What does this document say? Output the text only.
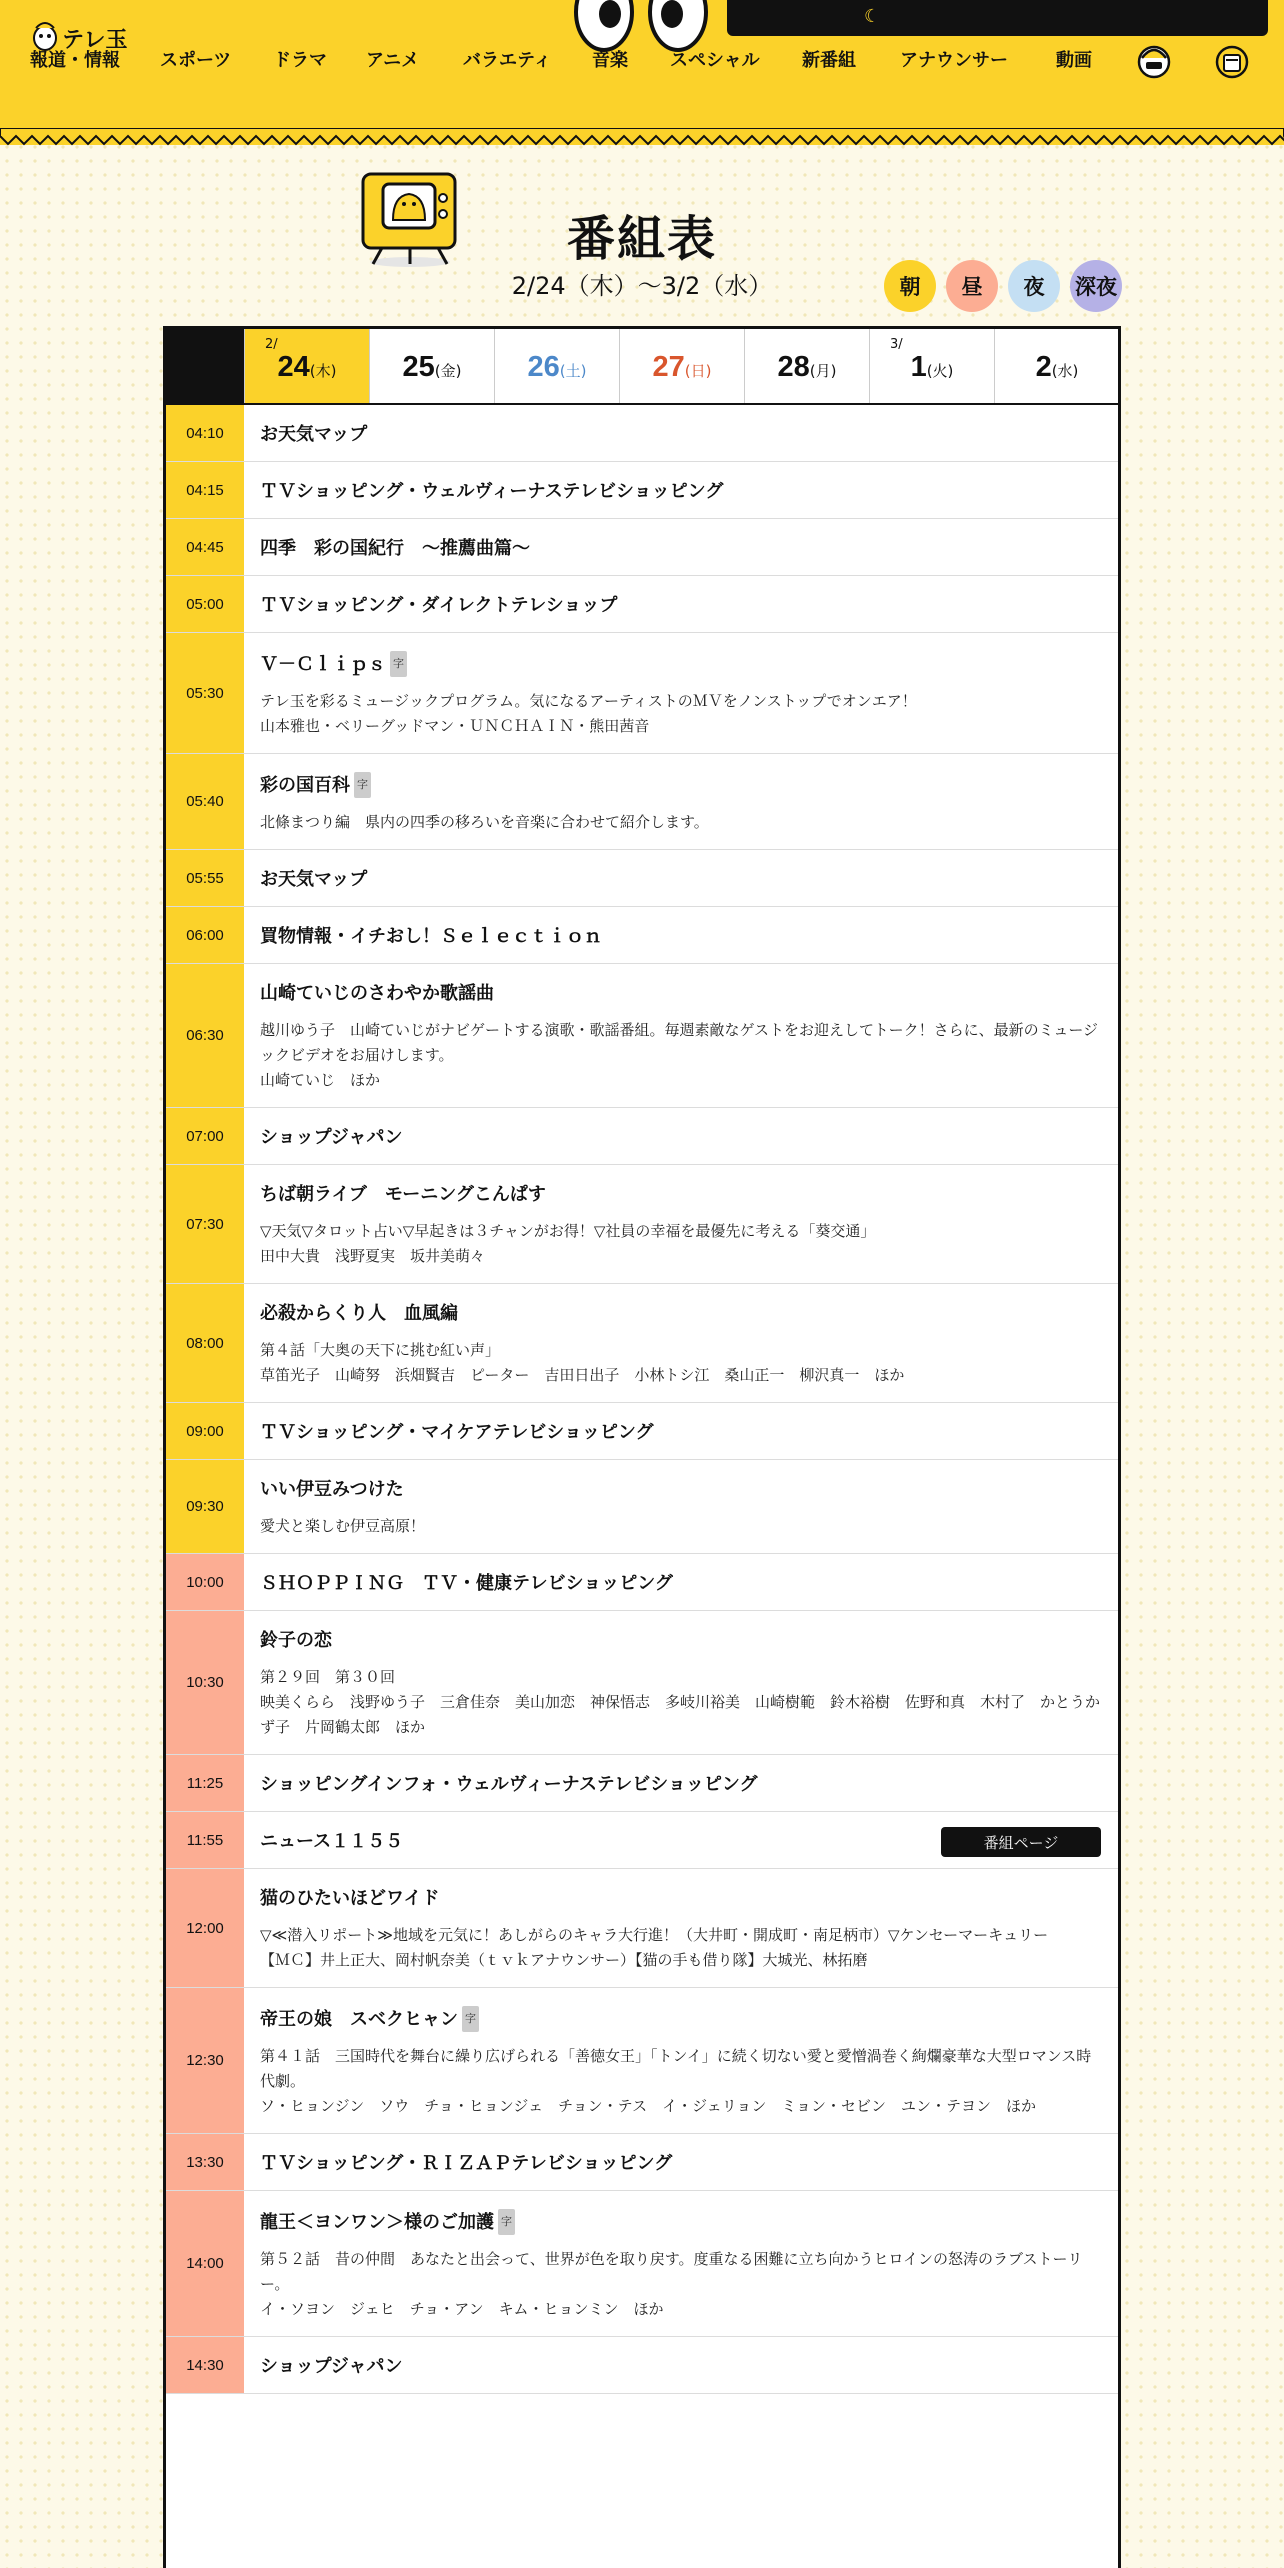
テレ玉
☾
報道・情報 スポーツ ドラマ アニメ バラエティ 音楽 スペシャル 新番組 アナウンサー	動画
番組表
2/24（木）〜3/2（水）	朝	昼	夜	深夜
2/
24(木)	25(金)	26(土)	27(日)	28(月)
3/
1(火)	2(水)
04:10	お天気マップ
04:15	ＴＶショッピング・ウェルヴィーナステレビショッピング
04:45	四季　彩の国紀行　～推薦曲篇～
05:00	ＴＶショッピング・ダイレクトテレショップ
05:30
Ｖ－Ｃｌｉｐｓ 字
テレ玉を彩るミュージックプログラム。気になるアーティストのＭＶをノンストップでオンエア！
山本雅也・ベリーグッドマン・ＵＮＣＨＡＩＮ・熊田茜音
05:40
彩の国百科 字
北條まつり編　県内の四季の移ろいを音楽に合わせて紹介します。
05:55	お天気マップ
06:00	買物情報・イチおし！Ｓｅｌｅｃｔｉｏｎ
06:30
山崎ていじのさわやか歌謡曲
越川ゆう子　山崎ていじがナビゲートする演歌・歌謡番組。毎週素敵なゲストをお迎えしてトーク！さらに、最新のミュージックビデオをお届けします。
山崎ていじ　ほか
07:00	ショップジャパン
07:30
ちば朝ライブ　モーニングこんぱす
▽天気▽タロット占い▽早起きは３チャンがお得！▽社員の幸福を最優先に考える「葵交通」
田中大貴　浅野夏実　坂井美萌々
08:00
必殺からくり人　血風編
第４話「大奥の天下に挑む紅い声」
草笛光子　山崎努　浜畑賢吉　ピーター　吉田日出子　小林トシ江　桑山正一　柳沢真一　ほか
09:00	ＴＶショッピング・マイケアテレビショッピング
09:30
いい伊豆みつけた
愛犬と楽しむ伊豆高原！
10:00	ＳＨＯＰＰＩＮＧ　ＴＶ・健康テレビショッピング
10:30
鈴子の恋
第２９回　第３０回
映美くらら　浅野ゆう子　三倉佳奈　美山加恋　神保悟志　多岐川裕美　山崎樹範　鈴木裕樹　佐野和真　木村了　かとうかず子　片岡鶴太郎　ほか
11:25	ショッピングインフォ・ウェルヴィーナステレビショッピング
11:55	ニュース１１５５	番組ページ
12:00
猫のひたいほどワイド
▽≪潜入リポート≫地域を元気に！あしがらのキャラ大行進！（大井町・開成町・南足柄市）▽ケンセーマーキュリー
【ＭＣ】井上正大、岡村帆奈美（ｔｖｋアナウンサー）【猫の手も借り隊】大城光、林拓磨
12:30
帝王の娘　スベクヒャン 字
第４１話　三国時代を舞台に繰り広げられる「善徳女王」「トンイ」に続く切ない愛と愛憎渦巻く絢爛豪華な大型ロマンス時代劇。
ソ・ヒョンジン　ソウ　チョ・ヒョンジェ　チョン・テス　イ・ジェリョン　ミョン・セビン　ユン・テヨン　ほか
13:30	ＴＶショッピング・ＲＩＺＡＰテレビショッピング
14:00
龍王＜ヨンワン＞様のご加護 字
第５２話　昔の仲間　あなたと出会って、世界が色を取り戻す。度重なる困難に立ち向かうヒロインの怒涛のラブストーリー。
イ・ソヨン　ジェヒ　チョ・アン　キム・ヒョンミン　ほか
14:30	ショップジャパン
